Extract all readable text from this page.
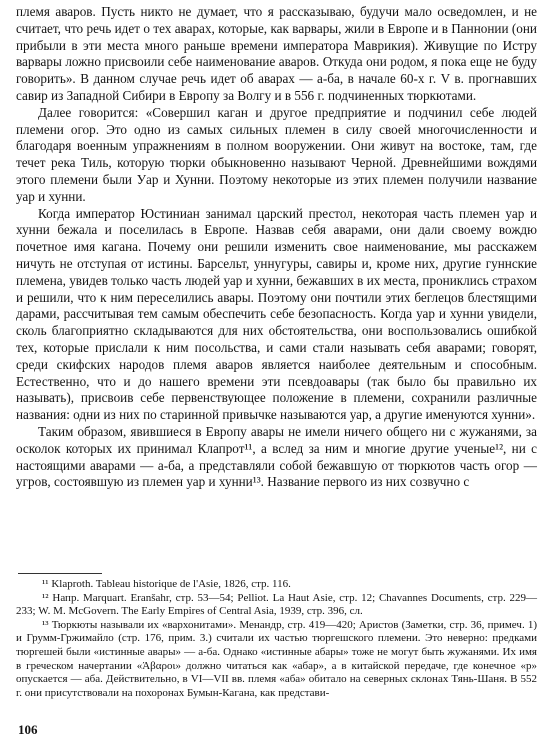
племя аваров. Пусть никто не думает, что я рассказываю, будучи мало осведомлен, и не считает, что речь идет о тех аварах, которые, как варвары, жили в Европе и в Паннонии (они прибыли в эти места много раньше времени императора Маврикия). Живущие по Истру варвары ложно присвоили себе наименование аваров. Откуда они родом, я пока еще не буду говорить». В данном случае речь идет об аварах — а-ба, в начале 60-х г. V в. прогнавших савир из Западной Сибири в Европу за Волгу и в 556 г. подчиненных тюркютами.

Далее говорится: «Совершил каган и другое предприятие и подчинил себе людей племени огор. Это одно из самых сильных племен в силу своей многочисленности и благодаря военным упражнениям в полном вооружении. Они живут на востоке, там, где течет река Тиль, которую тюрки обыкновенно называют Черной. Древнейшими вождями этого племени были Уар и Хунни. Поэтому некоторые из этих племен получили название уар и хунни.

Когда император Юстиниан занимал царский престол, некоторая часть племен уар и хунни бежала и поселилась в Европе. Назвав себя аварами, они дали своему вождю почетное имя кагана. Почему они решили изменить свое наименование, мы расскажем ничуть не отступая от истины. Барсельт, уннугуры, савиры и, кроме них, другие гуннские племена, увидев только часть людей уар и хунни, бежавших в их места, прониклись страхом и решили, что к ним переселились авары. Поэтому они почтили этих беглецов блестящими дарами, рассчитывая тем самым обеспечить себе безопасность. Когда уар и хунни увидели, сколь благоприятно складываются для них обстоятельства, они воспользовались ошибкой тех, которые прислали к ним посольства, и сами стали называть себя аварами; говорят, среди скифских народов племя аваров является наиболее деятельным и способным. Естественно, что и до нашего времени эти псевдоавары (так было бы правильно их называть), присвоив себе первенствующее положение в племени, сохранили различные названия: одни из них по старинной привычке называются уар, а другие именуются хунни».

Таким образом, явившиеся в Европу авары не имели ничего общего ни с жужанями, за осколок которых их принимал Клапрот¹¹, а вслед за ним и многие другие ученые¹², ни с настоящими аварами — а-ба, а представляли собой бежавшую от тюркютов часть огор — угров, состоявшую из племен уар и хунни¹³. Название первого из них созвучно с

¹¹ Klaproth. Tableau historique de l'Asie, 1826, стр. 116.

¹² Напр. Marquart. Eranšahr, стр. 53—54; Pelliot. La Haut Asie, стр. 12; Chavannes Documents, стр. 229—233; W. M. McGovern. The Early Empires of Central Asia, 1939, стр. 396, сл.

¹³ Тюркюты называли их «вархонитами». Менандр, стр. 419—420; Аристов (Заметки, стр. 36, примеч. 1) и Грумм-Гржимайло (стр. 176, прим. 3.) считали их частью тюргешского племени. Это неверно: предками тюргешей были «истинные авары» — а-ба. Однако «истинные абары» тоже не могут быть жужанями. Их имя в греческом начертании «Άβαροι» должно читаться как «абар», а в китайской передаче, где конечное «р» опускается — аба. Действительно, в VI—VII вв. племя «аба» обитало на северных склонах Тянь-Шаня. В 552 г. они присутствовали на похоронах Бумын-Кагана, как представи-

106
